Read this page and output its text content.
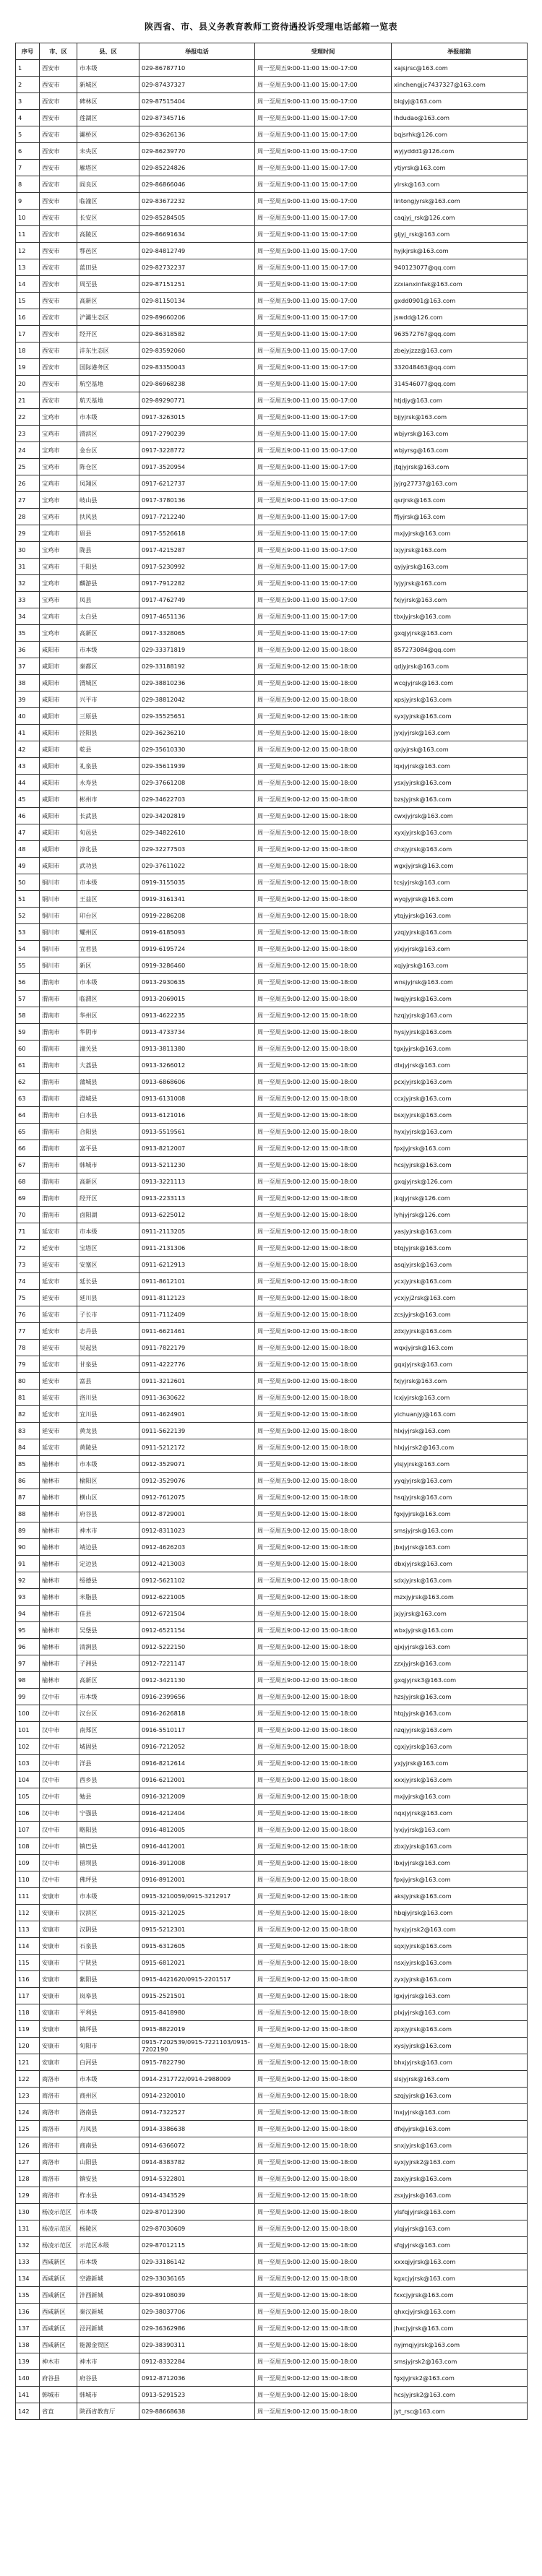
陕西省、市、县义务教育教师工资待遇投诉受理电话邮箱一览表
序号	市、区	县、区	举报电话	受理时间	举报邮箱
1	西安市	市本级	029-86787710	周一至周五9:00-11:00 15:00-17:00	xajsjrsc@163.com
2	西安市	新城区	029-87437327	周一至周五9:00-11:00 15:00-17:00	xinchengjjc7437327@163.com
3	西安市	碑林区	029-87515404	周一至周五9:00-11:00 15:00-17:00	blqjyj@163.com
4	西安市	莲湖区	029-87345716	周一至周五9:00-11:00 15:00-17:00	lhdudao@163.com
5	西安市	灞桥区	029-83626136	周一至周五9:00-11:00 15:00-17:00	bqjsrhk@126.com
6	西安市	未央区	029-86239770	周一至周五9:00-11:00 15:00-17:00	wyjyddd1@126.com
7	西安市	雁塔区	029-85224826	周一至周五9:00-11:00 15:00-17:00	ytjyrsk@163.com
8	西安市	阎良区	029-86866046	周一至周五9:00-11:00 15:00-17:00	ylrsk@163.com
9	西安市	临潼区	029-83672232	周一至周五9:00-11:00 15:00-17:00	lintongjyrsk@163.com
10	西安市	长安区	029-85284505	周一至周五9:00-11:00 15:00-17:00	caqjyj_rsk@126.com
11	西安市	高陵区	029-86691634	周一至周五9:00-11:00 15:00-17:00	gljyj_rsk@163.com
12	西安市	鄠邑区	029-84812749	周一至周五9:00-11:00 15:00-17:00	hyjkjrsk@163.com
13	西安市	蓝田县	029-82732237	周一至周五9:00-11:00 15:00-17:00	940123077@qq.com
14	西安市	周至县	029-87151251	周一至周五9:00-11:00 15:00-17:00	zzxianxinfak@163.com
15	西安市	高新区	029-81150134	周一至周五9:00-11:00 15:00-17:00	gxdd0901@163.com
16	西安市	浐灞生态区	029-89660206	周一至周五9:00-11:00 15:00-17:00	jswdd@126.com
17	西安市	经开区	029-86318582	周一至周五9:00-11:00 15:00-17:00	963572767@qq.com
18	西安市	沣东生态区	029-83592060	周一至周五9:00-11:00 15:00-17:00	zbejyjzzz@163.com
19	西安市	国际港务区	029-83350043	周一至周五9:00-11:00 15:00-17:00	332048463@qq.com
20	西安市	航空基地	029-86968238	周一至周五9:00-11:00 15:00-17:00	314546077@qq.com
21	西安市	航天基地	029-89290771	周一至周五9:00-11:00 15:00-17:00	htjdjy@163.com
22	宝鸡市	市本级	0917-3263015	周一至周五9:00-11:00 15:00-17:00	bjjyjrsk@163.com
23	宝鸡市	渭滨区	0917-2790239	周一至周五9:00-11:00 15:00-17:00	wbjyrsk@163.com
24	宝鸡市	金台区	0917-3228772	周一至周五9:00-11:00 15:00-17:00	wbjyrsg@163.com
25	宝鸡市	陈仓区	0917-3520954	周一至周五9:00-11:00 15:00-17:00	jtqjyjrsk@163.com
26	宝鸡市	凤翔区	0917-6212737	周一至周五9:00-11:00 15:00-17:00	jyjrg27737@163.com
27	宝鸡市	岐山县	0917-3780136	周一至周五9:00-11:00 15:00-17:00	qsrjrsk@163.com
28	宝鸡市	扶风县	0917-7212240	周一至周五9:00-11:00 15:00-17:00	ffjyjrsk@163.com
29	宝鸡市	眉县	0917-5526618	周一至周五9:00-11:00 15:00-17:00	mxjyjrsk@163.com
30	宝鸡市	陇县	0917-4215287	周一至周五9:00-11:00 15:00-17:00	lxjyjrsk@163.com
31	宝鸡市	千阳县	0917-5230992	周一至周五9:00-11:00 15:00-17:00	qyjyjrsk@163.com
32	宝鸡市	麟游县	0917-7912282	周一至周五9:00-11:00 15:00-17:00	lyjyjrsk@163.com
33	宝鸡市	凤县	0917-4762749	周一至周五9:00-11:00 15:00-17:00	fxjyjrsk@163.com
34	宝鸡市	太白县	0917-4651136	周一至周五9:00-11:00 15:00-17:00	tbxjyjrsk@163.com
35	宝鸡市	高新区	0917-3328065	周一至周五9:00-11:00 15:00-17:00	gxqjyjrsk@163.com
36	咸阳市	市本级	029-33371819	周一至周五9:00-12:00 15:00-18:00	857273084@qq.com
37	咸阳市	秦都区	029-33188192	周一至周五9:00-12:00 15:00-18:00	qdjyjrsk@163.com
38	咸阳市	渭城区	029-38810236	周一至周五9:00-12:00 15:00-18:00	wcqjyjrsk@163.com
39	咸阳市	兴平市	029-38812042	周一至周五9:00-12:00 15:00-18:00	xpsjyjrsk@163.com
40	咸阳市	三原县	029-35525651	周一至周五9:00-12:00 15:00-18:00	syxjyjrsk@163.com
41	咸阳市	泾阳县	029-36236210	周一至周五9:00-12:00 15:00-18:00	jyxjyjrsk@163.com
42	咸阳市	乾县	029-35610330	周一至周五9:00-12:00 15:00-18:00	qxjyjrsk@163.com
43	咸阳市	礼泉县	029-35611939	周一至周五9:00-12:00 15:00-18:00	lqxjyjrsk@163.com
44	咸阳市	永寿县	029-37661208	周一至周五9:00-12:00 15:00-18:00	ysxjyjrsk@163.com
45	咸阳市	彬州市	029-34622703	周一至周五9:00-12:00 15:00-18:00	bzsjyjrsk@163.com
46	咸阳市	长武县	029-34202819	周一至周五9:00-12:00 15:00-18:00	cwxjyjrsk@163.com
47	咸阳市	旬邑县	029-34822610	周一至周五9:00-12:00 15:00-18:00	xyxjyjrsk@163.com
48	咸阳市	淳化县	029-32277503	周一至周五9:00-12:00 15:00-18:00	chxjyjrsk@163.com
49	咸阳市	武功县	029-37611022	周一至周五9:00-12:00 15:00-18:00	wgxjyjrsk@163.com
50	铜川市	市本级	0919-3155035	周一至周五9:00-12:00 15:00-18:00	tcsjyjrsk@163.com
51	铜川市	王益区	0919-3161341	周一至周五9:00-12:00 15:00-18:00	wyqjyjrsk@163.com
52	铜川市	印台区	0919-2286208	周一至周五9:00-12:00 15:00-18:00	ytqjyjrsk@163.com
53	铜川市	耀州区	0919-6185093	周一至周五9:00-12:00 15:00-18:00	yzqjyjrsk@163.com
54	铜川市	宜君县	0919-6195724	周一至周五9:00-12:00 15:00-18:00	yjxjyjrsk@163.com
55	铜川市	新区	0919-3286460	周一至周五9:00-12:00 15:00-18:00	xqjyjrsk@163.com
56	渭南市	市本级	0913-2930635	周一至周五9:00-12:00 15:00-18:00	wnsjyjrsk@163.com
57	渭南市	临渭区	0913-2069015	周一至周五9:00-12:00 15:00-18:00	lwqjyjrsk@163.com
58	渭南市	华州区	0913-4622235	周一至周五9:00-12:00 15:00-18:00	hzqjyjrsk@163.com
59	渭南市	华阴市	0913-4733734	周一至周五9:00-12:00 15:00-18:00	hysjyjrsk@163.com
60	渭南市	潼关县	0913-3811380	周一至周五9:00-12:00 15:00-18:00	tgxjyjrsk@163.com
61	渭南市	大荔县	0913-3266012	周一至周五9:00-12:00 15:00-18:00	dlxjyjrsk@163.com
62	渭南市	蒲城县	0913-6868606	周一至周五9:00-12:00 15:00-18:00	pcxjyjrsk@163.com
63	渭南市	澄城县	0913-6131008	周一至周五9:00-12:00 15:00-18:00	ccxjyjrsk@163.com
64	渭南市	白水县	0913-6121016	周一至周五9:00-12:00 15:00-18:00	bsxjyjrsk@163.com
65	渭南市	合阳县	0913-5519561	周一至周五9:00-12:00 15:00-18:00	hyxjyjrsk@163.com
66	渭南市	富平县	0913-8212007	周一至周五9:00-12:00 15:00-18:00	fpxjyjrsk@163.com
67	渭南市	韩城市	0913-5211230	周一至周五9:00-12:00 15:00-18:00	hcsjyjrsk@163.com
68	渭南市	高新区	0913-3221113	周一至周五9:00-12:00 15:00-18:00	gxqjyjrsk@126.com
69	渭南市	经开区	0913-2233113	周一至周五9:00-12:00 15:00-18:00	jkqjyjrsk@126.com
70	渭南市	卤阳湖	0913-6225012	周一至周五9:00-12:00 15:00-18:00	lyhjyjrsk@126.com
71	延安市	市本级	0911-2113205	周一至周五9:00-12:00 15:00-18:00	yasjyjrsk@163.com
72	延安市	宝塔区	0911-2131306	周一至周五9:00-12:00 15:00-18:00	btqjyjrsk@163.com
73	延安市	安塞区	0911-6212913	周一至周五9:00-12:00 15:00-18:00	asqjyjrsk@163.com
74	延安市	延长县	0911-8612101	周一至周五9:00-12:00 15:00-18:00	ycxjyjrsk@163.com
75	延安市	延川县	0911-8112123	周一至周五9:00-12:00 15:00-18:00	ycxjyj2rsk@163.com
76	延安市	子长市	0911-7112409	周一至周五9:00-12:00 15:00-18:00	zcsjyjrsk@163.com
77	延安市	志丹县	0911-6621461	周一至周五9:00-12:00 15:00-18:00	zdxjyjrsk@163.com
78	延安市	吴起县	0911-7822179	周一至周五9:00-12:00 15:00-18:00	wqxjyjrsk@163.com
79	延安市	甘泉县	0911-4222776	周一至周五9:00-12:00 15:00-18:00	gqxjyjrsk@163.com
80	延安市	富县	0911-3212601	周一至周五9:00-12:00 15:00-18:00	fxjyjrsk@163.com
81	延安市	洛川县	0911-3630622	周一至周五9:00-12:00 15:00-18:00	lcxjyjrsk@163.com
82	延安市	宜川县	0911-4624901	周一至周五9:00-12:00 15:00-18:00	yichuanjyj@163.com
83	延安市	黄龙县	0911-5622139	周一至周五9:00-12:00 15:00-18:00	hlxjyjrsk@163.com
84	延安市	黄陵县	0911-5212172	周一至周五9:00-12:00 15:00-18:00	hlxjyjrsk2@163.com
85	榆林市	市本级	0912-3529071	周一至周五9:00-12:00 15:00-18:00	ylsjyjrsk@163.com
86	榆林市	榆阳区	0912-3529076	周一至周五9:00-12:00 15:00-18:00	yyqjyjrsk@163.com
87	榆林市	横山区	0912-7612075	周一至周五9:00-12:00 15:00-18:00	hsqjyjrsk@163.com
88	榆林市	府谷县	0912-8729001	周一至周五9:00-12:00 15:00-18:00	fgxjyjrsk@163.com
89	榆林市	神木市	0912-8311023	周一至周五9:00-12:00 15:00-18:00	smsjyjrsk@163.com
90	榆林市	靖边县	0912-4626203	周一至周五9:00-12:00 15:00-18:00	jbxjyjrsk@163.com
91	榆林市	定边县	0912-4213003	周一至周五9:00-12:00 15:00-18:00	dbxjyjrsk@163.com
92	榆林市	绥德县	0912-5621102	周一至周五9:00-12:00 15:00-18:00	sdxjyjrsk@163.com
93	榆林市	米脂县	0912-6221005	周一至周五9:00-12:00 15:00-18:00	mzxjyjrsk@163.com
94	榆林市	佳县	0912-6721504	周一至周五9:00-12:00 15:00-18:00	jxjyjrsk@163.com
95	榆林市	吴堡县	0912-6521154	周一至周五9:00-12:00 15:00-18:00	wbxjyjrsk@163.com
96	榆林市	清涧县	0912-5222150	周一至周五9:00-12:00 15:00-18:00	qjxjyjrsk@163.com
97	榆林市	子洲县	0912-7221147	周一至周五9:00-12:00 15:00-18:00	zzxjyjrsk@163.com
98	榆林市	高新区	0912-3421130	周一至周五9:00-12:00 15:00-18:00	gxqjyjrsk3@163.com
99	汉中市	市本级	0916-2399656	周一至周五9:00-12:00 15:00-18:00	hzsjyjrsk@163.com
100	汉中市	汉台区	0916-2626818	周一至周五9:00-12:00 15:00-18:00	htqjyjrsk@163.com
101	汉中市	南郑区	0916-5510117	周一至周五9:00-12:00 15:00-18:00	nzqjyjrsk@163.com
102	汉中市	城固县	0916-7212052	周一至周五9:00-12:00 15:00-18:00	cgxjyjrsk@163.com
103	汉中市	洋县	0916-8212614	周一至周五9:00-12:00 15:00-18:00	yxjyjrsk@163.com
104	汉中市	西乡县	0916-6212001	周一至周五9:00-12:00 15:00-18:00	xxxjyjrsk@163.com
105	汉中市	勉县	0916-3212009	周一至周五9:00-12:00 15:00-18:00	mxjyjrsk@163.com
106	汉中市	宁强县	0916-4212404	周一至周五9:00-12:00 15:00-18:00	nqxjyjrsk@163.com
107	汉中市	略阳县	0916-4812005	周一至周五9:00-12:00 15:00-18:00	lyxjyjrsk@163.com
108	汉中市	镇巴县	0916-4412001	周一至周五9:00-12:00 15:00-18:00	zbxjyjrsk@163.com
109	汉中市	留坝县	0916-3912008	周一至周五9:00-12:00 15:00-18:00	lbxjyjrsk@163.com
110	汉中市	佛坪县	0916-8912001	周一至周五9:00-12:00 15:00-18:00	fpxjyjrsk@163.com
111	安康市	市本级	0915-3210059/0915-3212917	周一至周五9:00-12:00 15:00-18:00	aksjyjrsk@163.com
112	安康市	汉滨区	0915-3212025	周一至周五9:00-12:00 15:00-18:00	hbqjyjrsk@163.com
113	安康市	汉阴县	0915-5212301	周一至周五9:00-12:00 15:00-18:00	hyxjyjrsk2@163.com
114	安康市	石泉县	0915-6312605	周一至周五9:00-12:00 15:00-18:00	sqxjyjrsk@163.com
115	安康市	宁陕县	0915-6812021	周一至周五9:00-12:00 15:00-18:00	nsxjyjrsk@163.com
116	安康市	紫阳县	0915-4421620/0915-2201517	周一至周五9:00-12:00 15:00-18:00	zyxjyjrsk@163.com
117	安康市	岚皋县	0915-2521501	周一至周五9:00-12:00 15:00-18:00	lgxjyjrsk@163.com
118	安康市	平利县	0915-8418980	周一至周五9:00-12:00 15:00-18:00	plxjyjrsk@163.com
119	安康市	镇坪县	0915-8822019	周一至周五9:00-12:00 15:00-18:00	zpxjyjrsk@163.com
120	安康市	旬阳市	0915-7202539/0915-7221103/0915-7202190	周一至周五9:00-12:00 15:00-18:00	xysjyjrsk@163.com
121	安康市	白河县	0915-7822790	周一至周五9:00-12:00 15:00-18:00	bhxjyjrsk@163.com
122	商洛市	市本级	0914-2317722/0914-2988009	周一至周五9:00-12:00 15:00-18:00	slsjyjrsk@163.com
123	商洛市	商州区	0914-2320010	周一至周五9:00-12:00 15:00-18:00	szqjyjrsk@163.com
124	商洛市	洛南县	0914-7322527	周一至周五9:00-12:00 15:00-18:00	lnxjyjrsk@163.com
125	商洛市	丹凤县	0914-3386638	周一至周五9:00-12:00 15:00-18:00	dfxjyjrsk@163.com
126	商洛市	商南县	0914-6366072	周一至周五9:00-12:00 15:00-18:00	snxjyjrsk@163.com
127	商洛市	山阳县	0914-8383782	周一至周五9:00-12:00 15:00-18:00	syxjyjrsk2@163.com
128	商洛市	镇安县	0914-5322801	周一至周五9:00-12:00 15:00-18:00	zaxjyjrsk@163.com
129	商洛市	柞水县	0914-4343529	周一至周五9:00-12:00 15:00-18:00	zsxjyjrsk@163.com
130	杨凌示范区	市本级	029-87012390	周一至周五9:00-12:00 15:00-18:00	ylsfqjyjrsk@163.com
131	杨凌示范区	杨陵区	029-87030609	周一至周五9:00-12:00 15:00-18:00	ylqjyjrsk@163.com
132	杨凌示范区	示范区本级	029-87012115	周一至周五9:00-12:00 15:00-18:00	sfqjyjrsk@163.com
133	西咸新区	市本级	029-33186142	周一至周五9:00-12:00 15:00-18:00	xxxqjyjrsk@163.com
134	西咸新区	空港新城	029-33036165	周一至周五9:00-12:00 15:00-18:00	kgxcjyjrsk@163.com
135	西咸新区	沣西新城	029-89108039	周一至周五9:00-12:00 15:00-18:00	fxxcjyjrsk@163.com
136	西咸新区	秦汉新城	029-38037706	周一至周五9:00-12:00 15:00-18:00	qhxcjyjrsk@163.com
137	西咸新区	泾河新城	029-36362986	周一至周五9:00-12:00 15:00-18:00	jhxcjyjrsk@163.com
138	西咸新区	能源金贸区	029-38390311	周一至周五9:00-12:00 15:00-18:00	nyjmqjyjrsk@163.com
139	神木市	神木市	0912-8332284	周一至周五9:00-12:00 15:00-18:00	smsjyjrsk2@163.com
140	府谷县	府谷县	0912-8712036	周一至周五9:00-12:00 15:00-18:00	fgxjyjrsk2@163.com
141	韩城市	韩城市	0913-5291523	周一至周五9:00-12:00 15:00-18:00	hcsjyjrsk2@163.com
142	省直	陕西省教育厅	029-88668638	周一至周五9:00-12:00 15:00-18:00	jyt_rsc@163.com
